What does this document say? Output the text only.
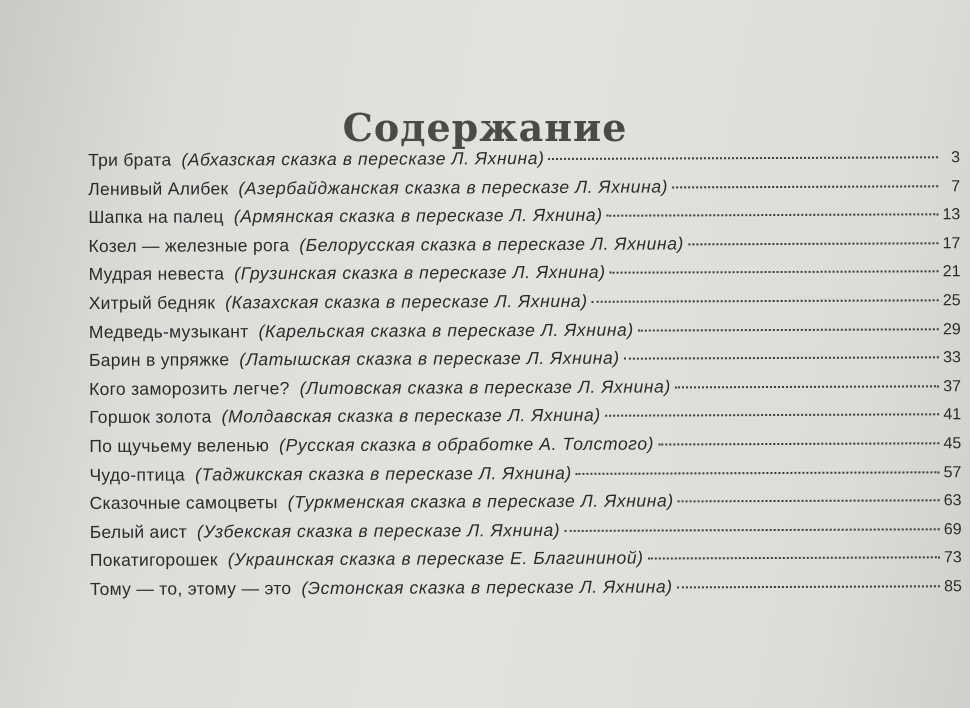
Содержание
Три брата (Абхазская сказка в пересказе Л. Яхнина)	3
Ленивый Алибек (Азербайджанская сказка в пересказе Л. Яхнина)	7
Шапка на палец (Армянская сказка в пересказе Л. Яхнина)	13
Козел — железные рога (Белорусская сказка в пересказе Л. Яхнина)	17
Мудрая невеста (Грузинская сказка в пересказе Л. Яхнина)	21
Хитрый бедняк (Казахская сказка в пересказе Л. Яхнина)	25
Медведь-музыкант (Карельская сказка в пересказе Л. Яхнина)	29
Барин в упряжке (Латышская сказка в пересказе Л. Яхнина)	33
Кого заморозить легче? (Литовская сказка в пересказе Л. Яхнина)	37
Горшок золота (Молдавская сказка в пересказе Л. Яхнина)	41
По щучьему веленью (Русская сказка в обработке А. Толстого)	45
Чудо-птица (Таджикская сказка в пересказе Л. Яхнина)	57
Сказочные самоцветы (Туркменская сказка в пересказе Л. Яхнина)	63
Белый аист (Узбекская сказка в пересказе Л. Яхнина)	69
Покатигорошек (Украинская сказка в пересказе Е. Благининой)	73
Тому — то, этому — это (Эстонская сказка в пересказе Л. Яхнина)	85
